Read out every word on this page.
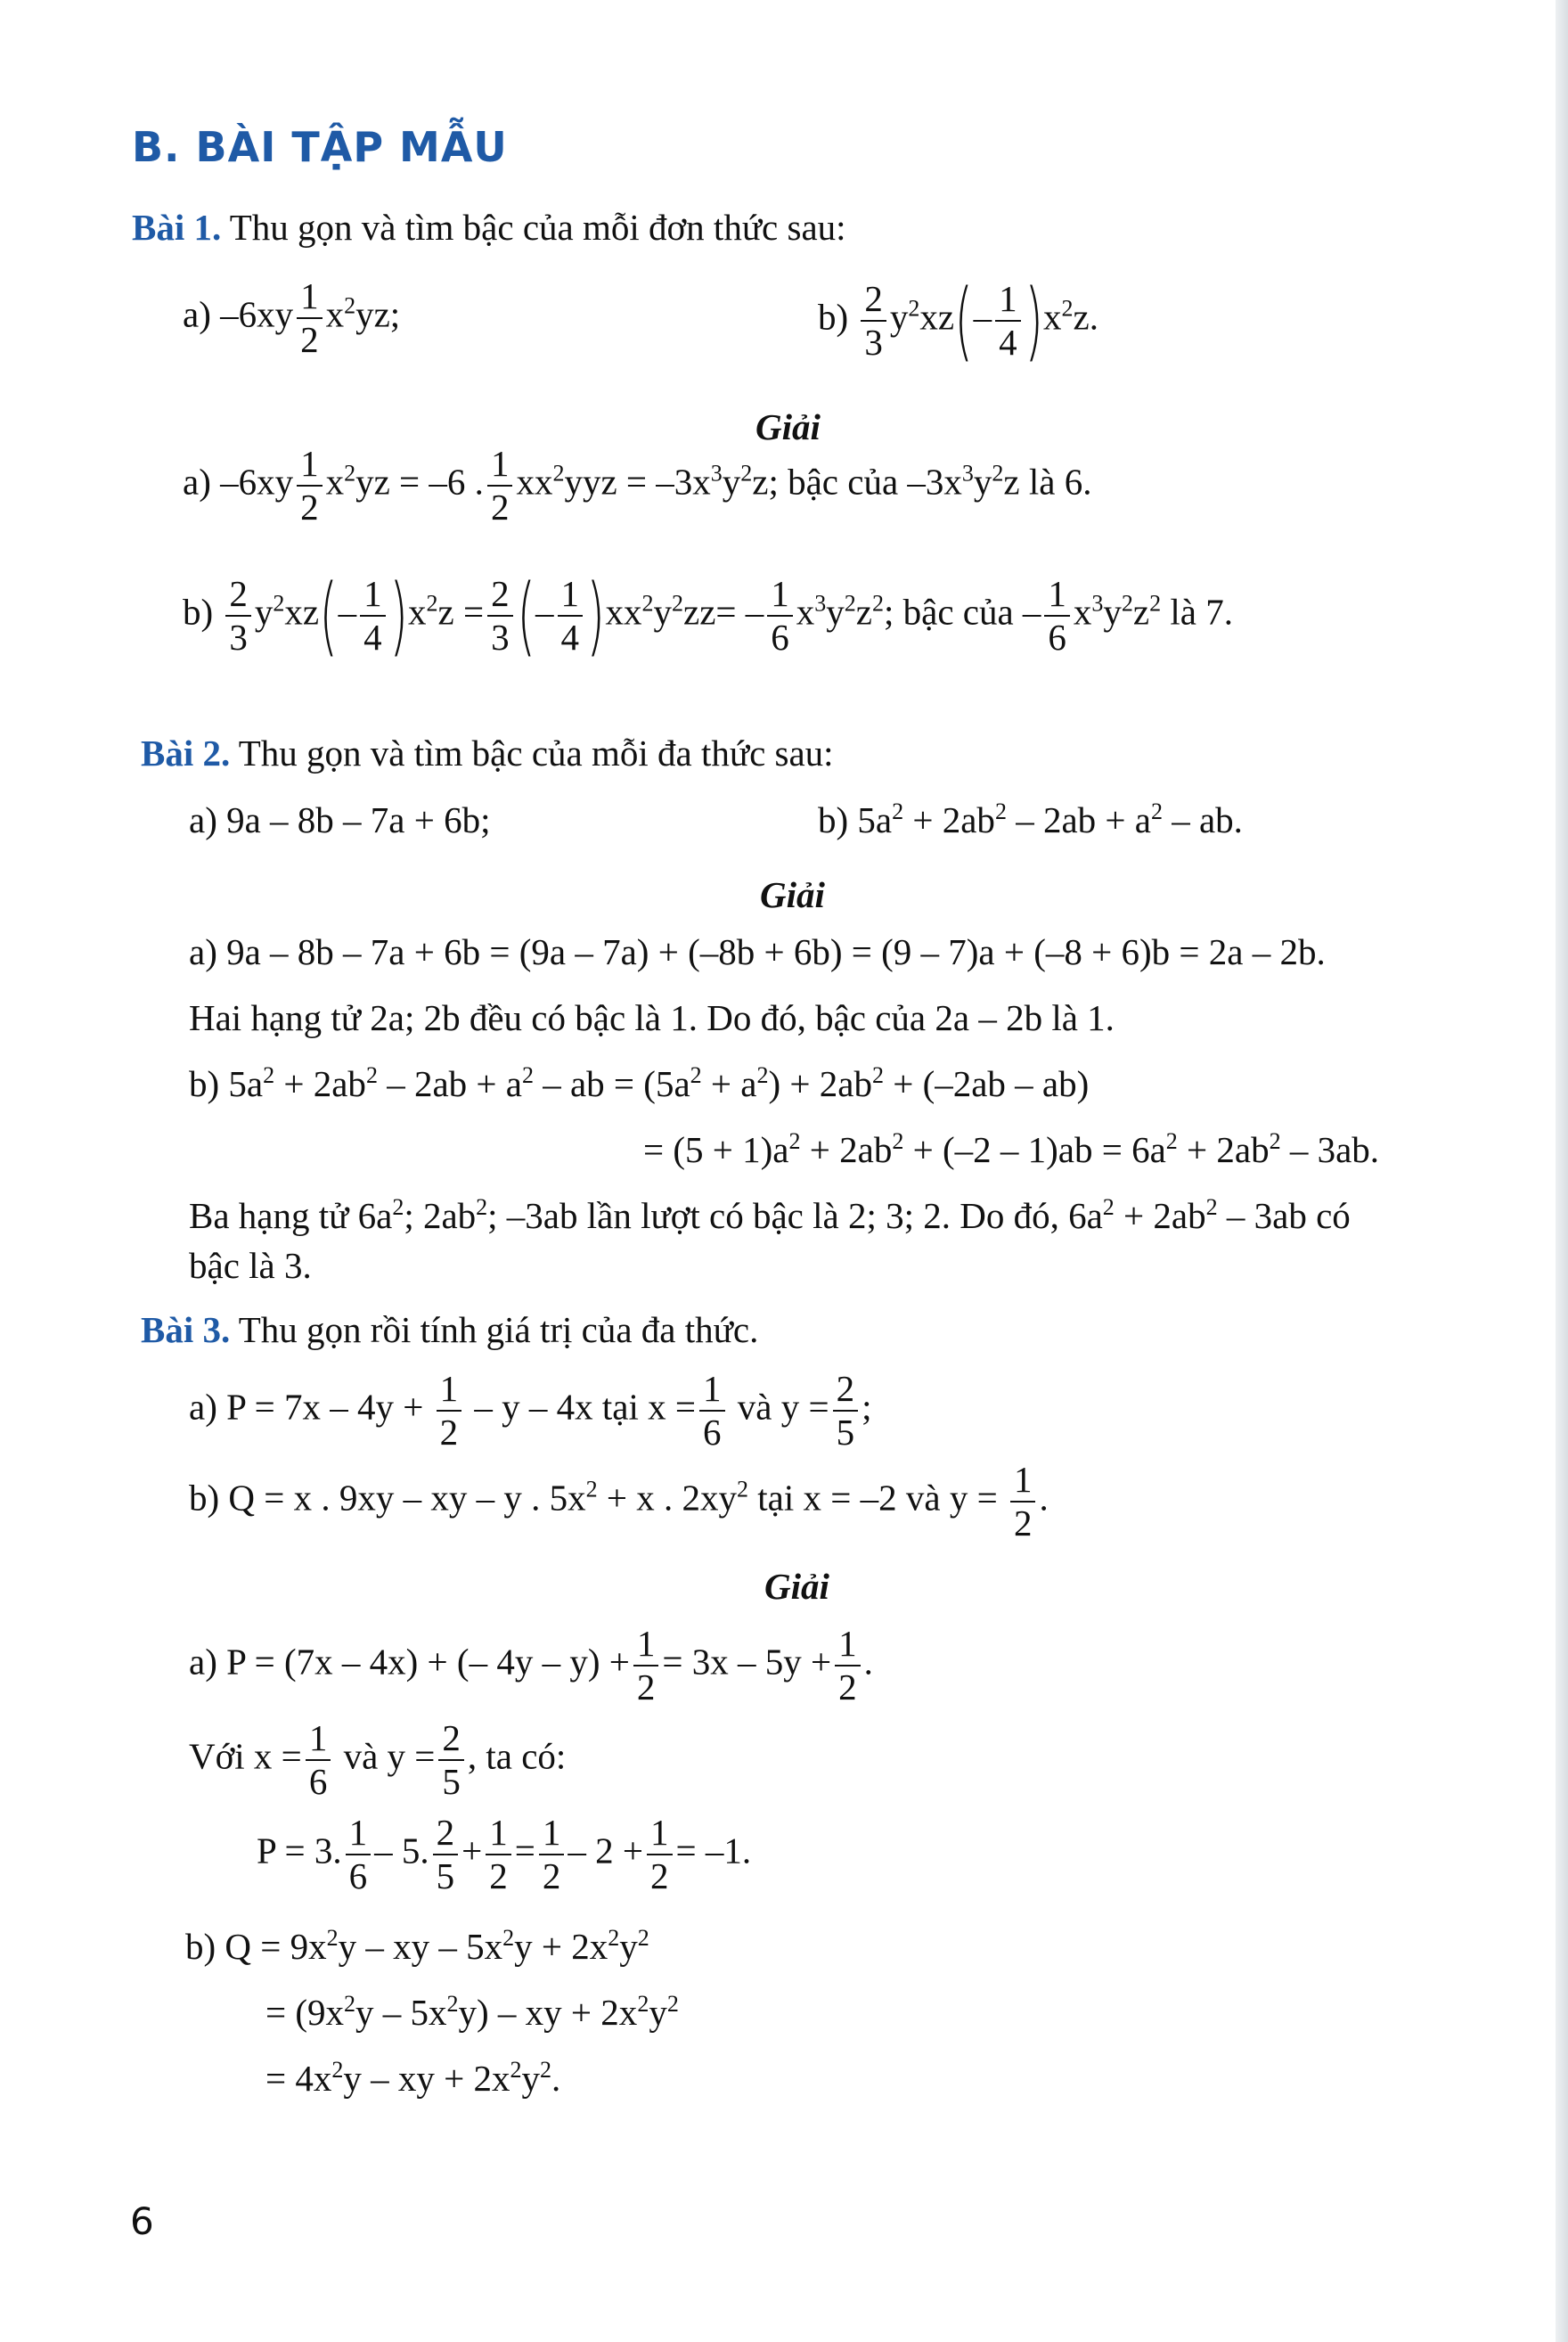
B. BÀI TẬP MẪU
Bài 1. Thu gọn và tìm bậc của mỗi đơn thức sau:
a) $-6xy \frac{1}{2} x^2yz$;	$b) \frac{2}{3} y^2xz(- \frac{1}{4} )x^2z$.
Giải
a) $-6xy \frac{1}{2} x^2yz = -6$ . $\frac{1}{2} xx^2yyz = -3x^3y^2z$; bậc của $-3x^3y^2z$ là 6.
$b) \frac{2}{3} y^2xz(- \frac{1}{4} )x^2z = \frac{2}{3}$ (– $\frac{1}{4} )xx^2y^2zz= - \frac{1}{6} x^3y^2z^2$; bậc của – $\frac{1}{6} x^3y^2z^2$ là 7.
Bài 2. Thu gọn và tìm bậc của mỗi đa thức sau:
a) 9a – 8b – 7a + 6b;	b) $5a^2 + 2ab^2 - 2ab + a^2$ – ab.
Giải
a) 9a – 8b – 7a + 6b = (9a – 7a) + (–8b + 6b) = (9 – 7)a + (–8 + 6)b = 2a – 2b.
Hai hạng tử 2a; 2b đều có bậc là 1. Do đó, bậc của 2a – 2b là 1.
b) $5a^2 + 2ab^2 - 2ab + a^2$ – ab = $(5a^2 + a^2) + 2ab^2 + (-2ab - ab)$
= $(5 + 1)a^2 + 2ab^2 + (-2 - 1)ab = 6a^2 + 2ab^2 - 3ab$.
Ba hạng tử $6a^2$; $2ab^2$; –3ab lần lượt có bậc là 2; 3; 2. Do đó, $6a^2 + 2ab^2 - 3ab$ có
bậc là 3.
Bài 3. Thu gọn rồi tính giá trị của đa thức.
a) $P = 7x - 4y + \frac{1}{2} - y - 4x$ tại $x = \frac{1}{6}$ và $y = \frac{2}{5}$ ;
b) Q = x . 9xy – xy – y . $5x^2 + x$ . $2xy^2$ tại x = –2 và $y = \frac{1}{2}$ .
Giải
a) P = (7x – 4x) + (– $4y - y) + \frac{1}{2} = 3x - 5y + \frac{1}{2}$ .
Với $x = \frac{1}{6}$ và $y = \frac{2}{5}$ , ta có:
P = 3. $\frac{1}{6} - 5$. $\frac{2}{5} + \frac{1}{2} = \frac{1}{2} - 2 + \frac{1}{2} = -1$.
b) $Q = 9x^2y$ – xy – $5x^2y + 2x^2y^2$
= $(9x^2y - 5x^2y)$ – xy + $2x^2y^2$
= $4x^2y$ – xy + $2x^2y^2$.
6
